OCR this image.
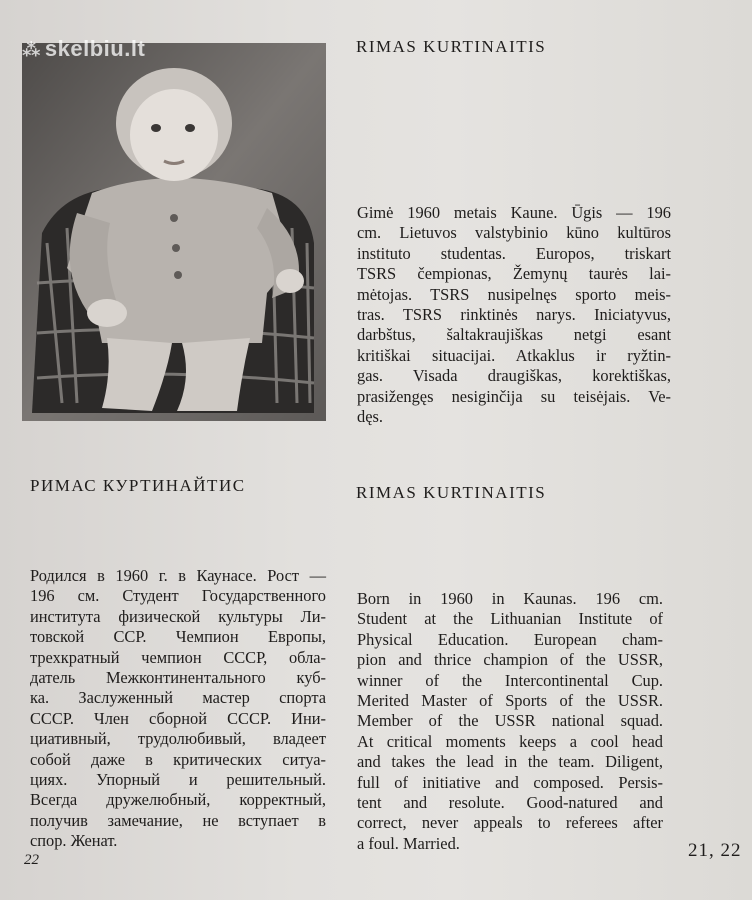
⁂ skelbiu.lt	RIMAS KURTINAITIS
Gimė 1960 metais Kaune. Ūgis — 196
cm. Lietuvos valstybinio kūno kultūros
instituto studentas. Europos, triskart
TSRS čempionas, Žemynų taurės lai-
mėtojas. TSRS nusipelnęs sporto meis-
tras. TSRS rinktinės narys. Iniciatyvus,
darbštus, šaltakraujiškas netgi esant
kritiškai situacijai. Atkaklus ir ryžtin-
gas. Visada draugiškas, korektiškas,
prasižengęs nesiginčija su teisėjais. Ve-
dęs.
РИМАС КУРТИНАЙТИС
Родился в 1960 г. в Каунасе. Рост —
196 см. Студент Государственного
института физической культуры Ли-
товской ССР. Чемпион Европы,
трехкратный чемпион СССР, обла-
датель Межконтинентального куб-
ка. Заслуженный мастер спорта
СССР. Член сборной СССР. Ини-
циативный, трудолюбивый, владеет
собой даже в критических ситуа-
циях. Упорный и решительный.
Всегда дружелюбный, корректный,
получив замечание, не вступает в
спор. Женат.
RIMAS KURTINAITIS
Born in 1960 in Kaunas. 196 cm.
Student at the Lithuanian Institute of
Physical Education. European cham-
pion and thrice champion of the USSR,
winner of the Intercontinental Cup.
Merited Master of Sports of the USSR.
Member of the USSR national squad.
At critical moments keeps a cool head
and takes the lead in the team. Diligent,
full of initiative and composed. Persis-
tent and resolute. Good-natured and
correct, never appeals to referees after
a foul. Married.
22	21, 22
